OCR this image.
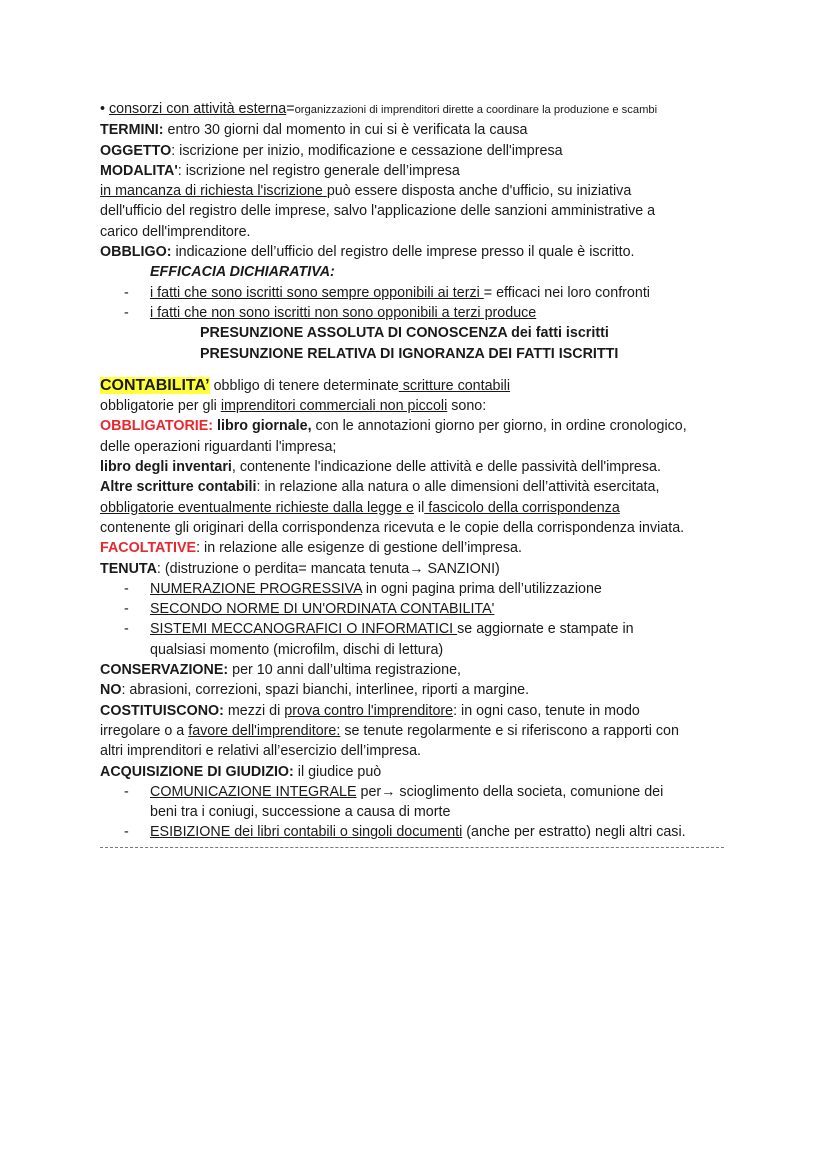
• consorzi con attività esterna=organizzazioni di imprenditori dirette a coordinare la produzione e scambi
TERMINI: entro 30 giorni dal momento in cui si è verificata la causa
OGGETTO: iscrizione per inizio, modificazione e cessazione dell'impresa
MODALITA': iscrizione nel registro generale dell’impresa
in mancanza di richiesta l'iscrizione può essere disposta anche d'ufficio, su iniziativa
dell'ufficio del registro delle imprese, salvo l'applicazione delle sanzioni amministrative a
carico dell'imprenditore.
OBBLIGO: indicazione dell’ufficio del registro delle imprese presso il quale è iscritto.
EFFICACIA DICHIARATIVA:
-	i fatti che sono iscritti sono sempre opponibili ai terzi = efficaci nei loro confronti
-	i fatti che non sono iscritti non sono opponibili a terzi produce
PRESUNZIONE ASSOLUTA DI CONOSCENZA dei fatti iscritti
PRESUNZIONE RELATIVA DI IGNORANZA DEI FATTI ISCRITTI
CONTABILITA’ obbligo di tenere determinate scritture contabili
obbligatorie per gli imprenditori commerciali non piccoli sono:
OBBLIGATORIE: libro giornale, con le annotazioni giorno per giorno, in ordine cronologico,
delle operazioni riguardanti l'impresa;
libro degli inventari, contenente l'indicazione delle attività e delle passività dell'impresa.
Altre scritture contabili: in relazione alla natura o alle dimensioni dell’attività esercitata,
obbligatorie eventualmente richieste dalla legge e il fascicolo della corrispondenza
contenente gli originari della corrispondenza ricevuta e le copie della corrispondenza inviata.
FACOLTATIVE: in relazione alle esigenze di gestione dell’impresa.
TENUTA: (distruzione o perdita= mancata tenuta→ SANZIONI)
-	NUMERAZIONE PROGRESSIVA in ogni pagina prima dell’utilizzazione
-	SECONDO NORME DI UN'ORDINATA CONTABILITA'
-	SISTEMI MECCANOGRAFICI O INFORMATICI se aggiornate e stampate in
qualsiasi momento (microfilm, dischi di lettura)
CONSERVAZIONE: per 10 anni dall’ultima registrazione,
NO: abrasioni, correzioni, spazi bianchi, interlinee, riporti a margine.
COSTITUISCONO: mezzi di prova contro l'imprenditore: in ogni caso, tenute in modo
irregolare o a favore dell'imprenditore: se tenute regolarmente e si riferiscono a rapporti con
altri imprenditori e relativi all’esercizio dell’impresa.
ACQUISIZIONE DI GIUDIZIO: il giudice può
-	COMUNICAZIONE INTEGRALE per→ scioglimento della societa, comunione dei
beni tra i coniugi, successione a causa di morte
-	ESIBIZIONE dei libri contabili o singoli documenti (anche per estratto) negli altri casi.
